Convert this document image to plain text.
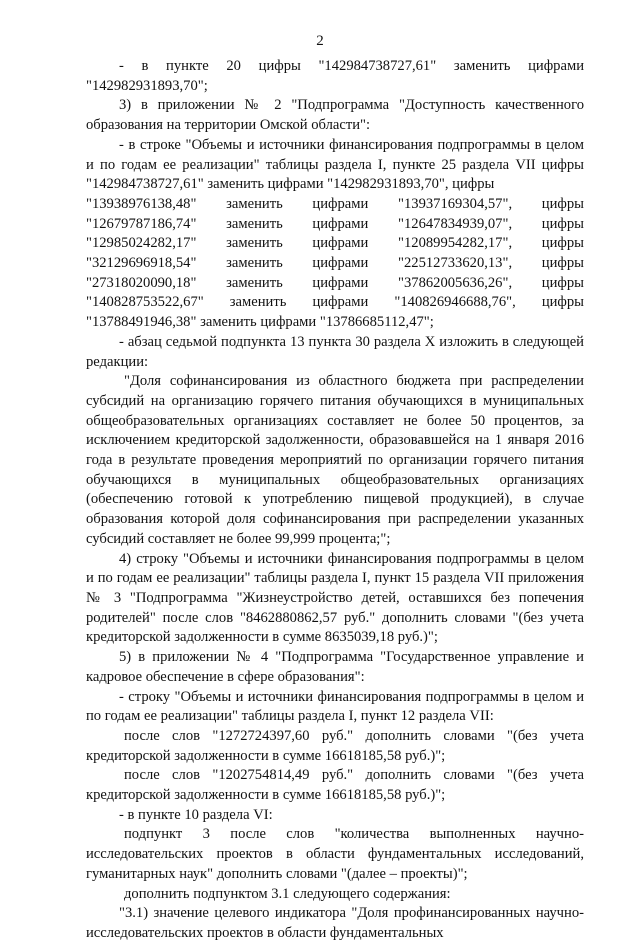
2

- в пункте 20 цифры "142984738727,61" заменить цифрами "142982931893,70";

3) в приложении № 2 "Подпрограмма "Доступность качественного образования на территории Омской области":

- в строке "Объемы и источники финансирования подпрограммы в целом и по годам ее реализации" таблицы раздела I, пункте 25 раздела VII цифры "142984738727,61" заменить цифрами "142982931893,70", цифры

"13938976138,48" заменить цифрами "13937169304,57", цифры
"12679787186,74" заменить цифрами "12647834939,07", цифры
"12985024282,17" заменить цифрами "12089954282,17", цифры
"32129696918,54" заменить цифрами "22512733620,13", цифры
"27318020090,18" заменить цифрами "37862005636,26", цифры
"140828753522,67" заменить цифрами "140826946688,76", цифры

"13788491946,38" заменить цифрами "13786685112,47";

- абзац седьмой подпункта 13 пункта 30 раздела X изложить в следующей редакции:

"Доля софинансирования из областного бюджета при распределении субсидий на организацию горячего питания обучающихся в муниципальных общеобразовательных организациях составляет не более 50 процентов, за исключением кредиторской задолженности, образовавшейся на 1 января 2016 года в результате проведения мероприятий по организации горячего питания обучающихся в муниципальных общеобразовательных организациях (обеспечению готовой к употреблению пищевой продукцией), в случае образования которой доля софинансирования при распределении указанных субсидий составляет не более 99,999 процента;";

4) строку "Объемы и источники финансирования подпрограммы в целом и по годам ее реализации" таблицы раздела I, пункт 15 раздела VII приложения № 3 "Подпрограмма "Жизнеустройство детей, оставшихся без попечения родителей" после слов "8462880862,57 руб." дополнить словами "(без учета кредиторской задолженности в сумме 8635039,18 руб.)";

5) в приложении № 4 "Подпрограмма "Государственное управление и кадровое обеспечение в сфере образования":

- строку "Объемы и источники финансирования подпрограммы в целом и по годам ее реализации" таблицы раздела I, пункт 12 раздела VII:

после слов "1272724397,60 руб." дополнить словами "(без учета кредиторской задолженности в сумме 16618185,58 руб.)";

после слов "1202754814,49 руб." дополнить словами "(без учета кредиторской задолженности в сумме 16618185,58 руб.)";

- в пункте 10 раздела VI:

подпункт 3 после слов "количества выполненных научно-исследовательских проектов в области фундаментальных исследований, гуманитарных наук" дополнить словами "(далее – проекты)";

дополнить подпунктом 3.1 следующего содержания:

"3.1) значение целевого индикатора "Доля профинансированных научно-исследовательских проектов в области фундаментальных
